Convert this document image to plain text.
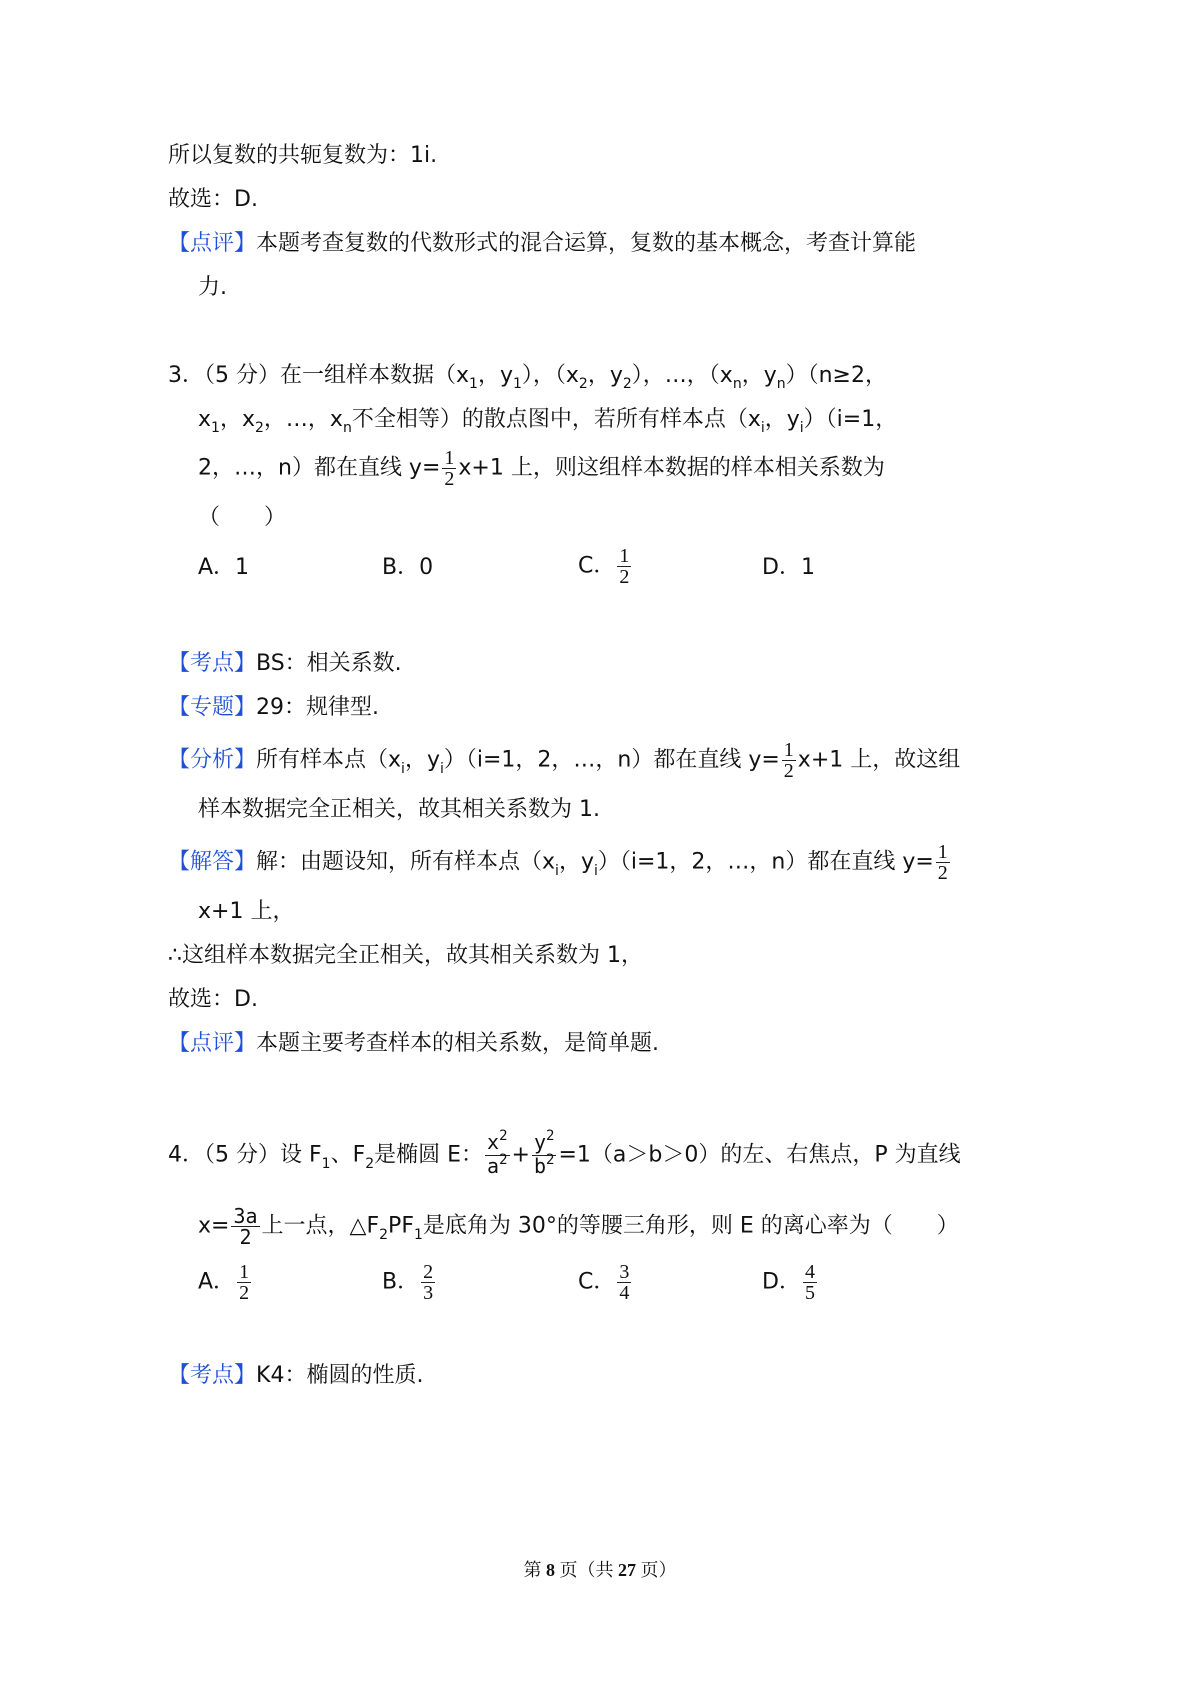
所以复数的共轭复数为：1i.
故选：D.
【点评】本题考查复数的代数形式的混合运算，复数的基本概念，考查计算能
力.
3．（5 分）在一组样本数据（$x_1$，$y_1$），（$x_2$，$y_2$），…，（$x_n$，$y_n)(n\ge 2$，
$x_1$，$x_2$，…，$x_n$不全相等）的散点图中，若所有样本点（$x_i$，$y_i)(i=1$，
2，…，n）都在直线 $y= \frac{1}{2} x+1$ 上，则这组样本数据的样本相关系数为
（　　）
A．1	B．0	C． $\frac{1}{2}$	D．1
【考点】BS：相关系数.
【专题】29：规律型.
【分析】所有样本点（$x_i$，$y_i)(i=1$，2，…，n）都在直线 $y= \frac{1}{2} x+1$ 上，故这组
样本数据完全正相关，故其相关系数为 1.
【解答】解：由题设知，所有样本点（$x_i$，$y_i)(i=1$，2，…，n）都在直线 $y= \frac{1}{2}$
x+1 上，
∴这组样本数据完全正相关，故其相关系数为 1，
故选：D.
【点评】本题主要考查样本的相关系数，是简单题.
4．（5 分）设 $F_1$、$F_2$是椭圆 E： $\frac{x^2}{a^2} + \frac{y^2}{b^2} =1(a>b>0)$的左、右焦点，P 为直线
$x= \frac{3a}{2}$ 上一点，$\triangle F_2PF_1$是底角为 30°的等腰三角形，则 E 的离心率为（　　）
A． $\frac{1}{2}$	B． $\frac{2}{3}$	C． $\frac{3}{4}$	D． $\frac{4}{5}$
【考点】K4：椭圆的性质.
第 8 页（共 27 页）
